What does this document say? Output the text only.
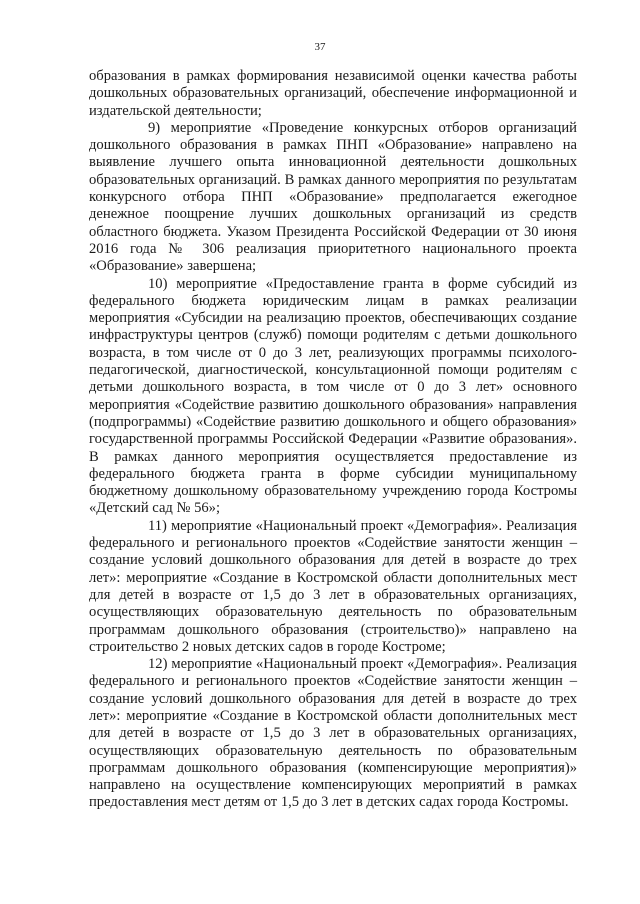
37

образования в рамках формирования независимой оценки качества работы дошкольных образовательных организаций, обеспечение информационной и издательской деятельности;

9) мероприятие «Проведение конкурсных отборов организаций дошкольного образования в рамках ПНП «Образование» направлено на выявление лучшего опыта инновационной деятельности дошкольных образовательных организаций. В рамках данного мероприятия по результатам конкурсного отбора ПНП «Образование» предполагается ежегодное денежное поощрение лучших дошкольных организаций из средств областного бюджета. Указом Президента Российской Федерации от 30 июня 2016 года № 306 реализация приоритетного национального проекта «Образование» завершена;

10) мероприятие «Предоставление гранта в форме субсидий из федерального бюджета юридическим лицам в рамках реализации мероприятия «Субсидии на реализацию проектов, обеспечивающих создание инфраструктуры центров (служб) помощи родителям с детьми дошкольного возраста, в том числе от 0 до 3 лет, реализующих программы психолого-педагогической, диагностической, консультационной помощи родителям с детьми дошкольного возраста, в том числе от 0 до 3 лет» основного мероприятия «Содействие развитию дошкольного образования» направления (подпрограммы) «Содействие развитию дошкольного и общего образования» государственной программы Российской Федерации «Развитие образования». В рамках данного мероприятия осуществляется предоставление из федерального бюджета гранта в форме субсидии муниципальному бюджетному дошкольному образовательному учреждению города Костромы «Детский сад № 56»;

11) мероприятие «Национальный проект «Демография». Реализация федерального и регионального проектов «Содействие занятости женщин – создание условий дошкольного образования для детей в возрасте до трех лет»: мероприятие «Создание в Костромской области дополнительных мест для детей в возрасте от 1,5 до 3 лет в образовательных организациях, осуществляющих образовательную деятельность по образовательным программам дошкольного образования (строительство)» направлено на строительство 2 новых детских садов в городе Костроме;

12) мероприятие «Национальный проект «Демография». Реализация федерального и регионального проектов «Содействие занятости женщин – создание условий дошкольного образования для детей в возрасте до трех лет»: мероприятие «Создание в Костромской области дополнительных мест для детей в возрасте от 1,5 до 3 лет в образовательных организациях, осуществляющих образовательную деятельность по образовательным программам дошкольного образования (компенсирующие мероприятия)» направлено на осуществление компенсирующих мероприятий в рамках предоставления мест детям от 1,5 до 3 лет в детских садах города Костромы.
